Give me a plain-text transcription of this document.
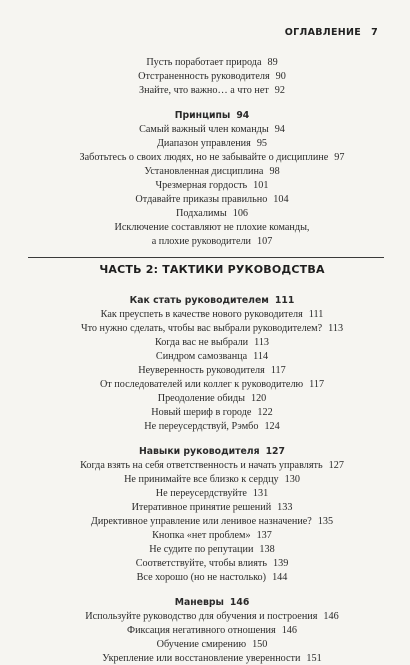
ОГЛАВЛЕНИЕ 7
Пусть поработает природа 89
Отстраненность руководителя 90
Знайте, что важно… а что нет 92
Принципы 94
Самый важный член команды 94
Диапазон управления 95
Заботьтесь о своих людях, но не забывайте о дисциплине 97
Установленная дисциплина 98
Чрезмерная гордость 101
Отдавайте приказы правильно 104
Подхалимы 106
Исключение составляют не плохие команды,
а плохие руководители 107
Как стать руководителем 111
Как преуспеть в качестве нового руководителя 111
Что нужно сделать, чтобы вас выбрали руководителем? 113
Когда вас не выбрали 113
Синдром самозванца 114
Неуверенность руководителя 117
От последователей или коллег к руководителю 117
Преодоление обиды 120
Новый шериф в городе 122
Не переусердствуй, Рэмбо 124
Навыки руководителя 127
Когда взять на себя ответственность и начать управлять 127
Не принимайте все близко к сердцу 130
Не переусердствуйте 131
Итеративное принятие решений 133
Директивное управление или ленивое назначение? 135
Кнопка «нет проблем» 137
Не судите по репутации 138
Соответствуйте, чтобы влиять 139
Все хорошо (но не настолько) 144
Маневры 146
Используйте руководство для обучения и построения 146
Фиксация негативного отношения 146
Обучение смирению 150
Укрепление или восстановление уверенности 151
ЧАСТЬ 2: ТАКТИКИ РУКОВОДСТВА
